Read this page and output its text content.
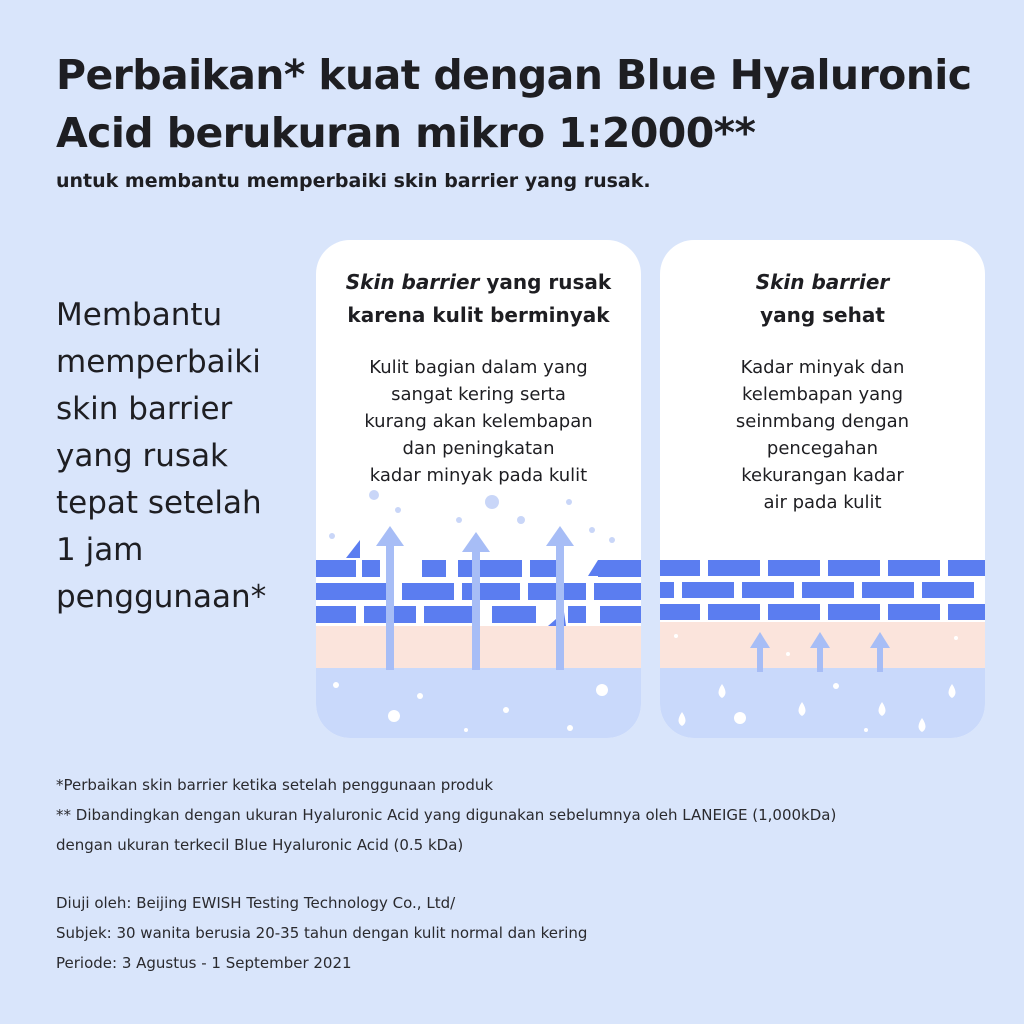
Perbaikan* kuat dengan Blue Hyaluronic
Acid berukuran mikro 1:2000**

untuk membantu memperbaiki skin barrier yang rusak.

Membantu
memperbaiki
skin barrier
yang rusak
tepat setelah
1 jam
penggunaan*

Skin barrier yang rusak
karena kulit berminyak

Kulit bagian dalam yang
sangat kering serta
kurang akan kelembapan
dan peningkatan
kadar minyak pada kulit

Skin barrier
yang sehat

Kadar minyak dan
kelembapan yang
seinmbang dengan
pencegahan
kekurangan kadar
air pada kulit

*Perbaikan skin barrier ketika setelah penggunaan produk
** Dibandingkan dengan ukuran Hyaluronic Acid yang digunakan sebelumnya oleh LANEIGE (1,000kDa)
dengan ukuran terkecil Blue Hyaluronic Acid (0.5 kDa)

Diuji oleh: Beijing EWISH Testing Technology Co., Ltd/
Subjek: 30 wanita berusia 20-35 tahun dengan kulit normal dan kering
Periode: 3 Agustus - 1 September 2021
